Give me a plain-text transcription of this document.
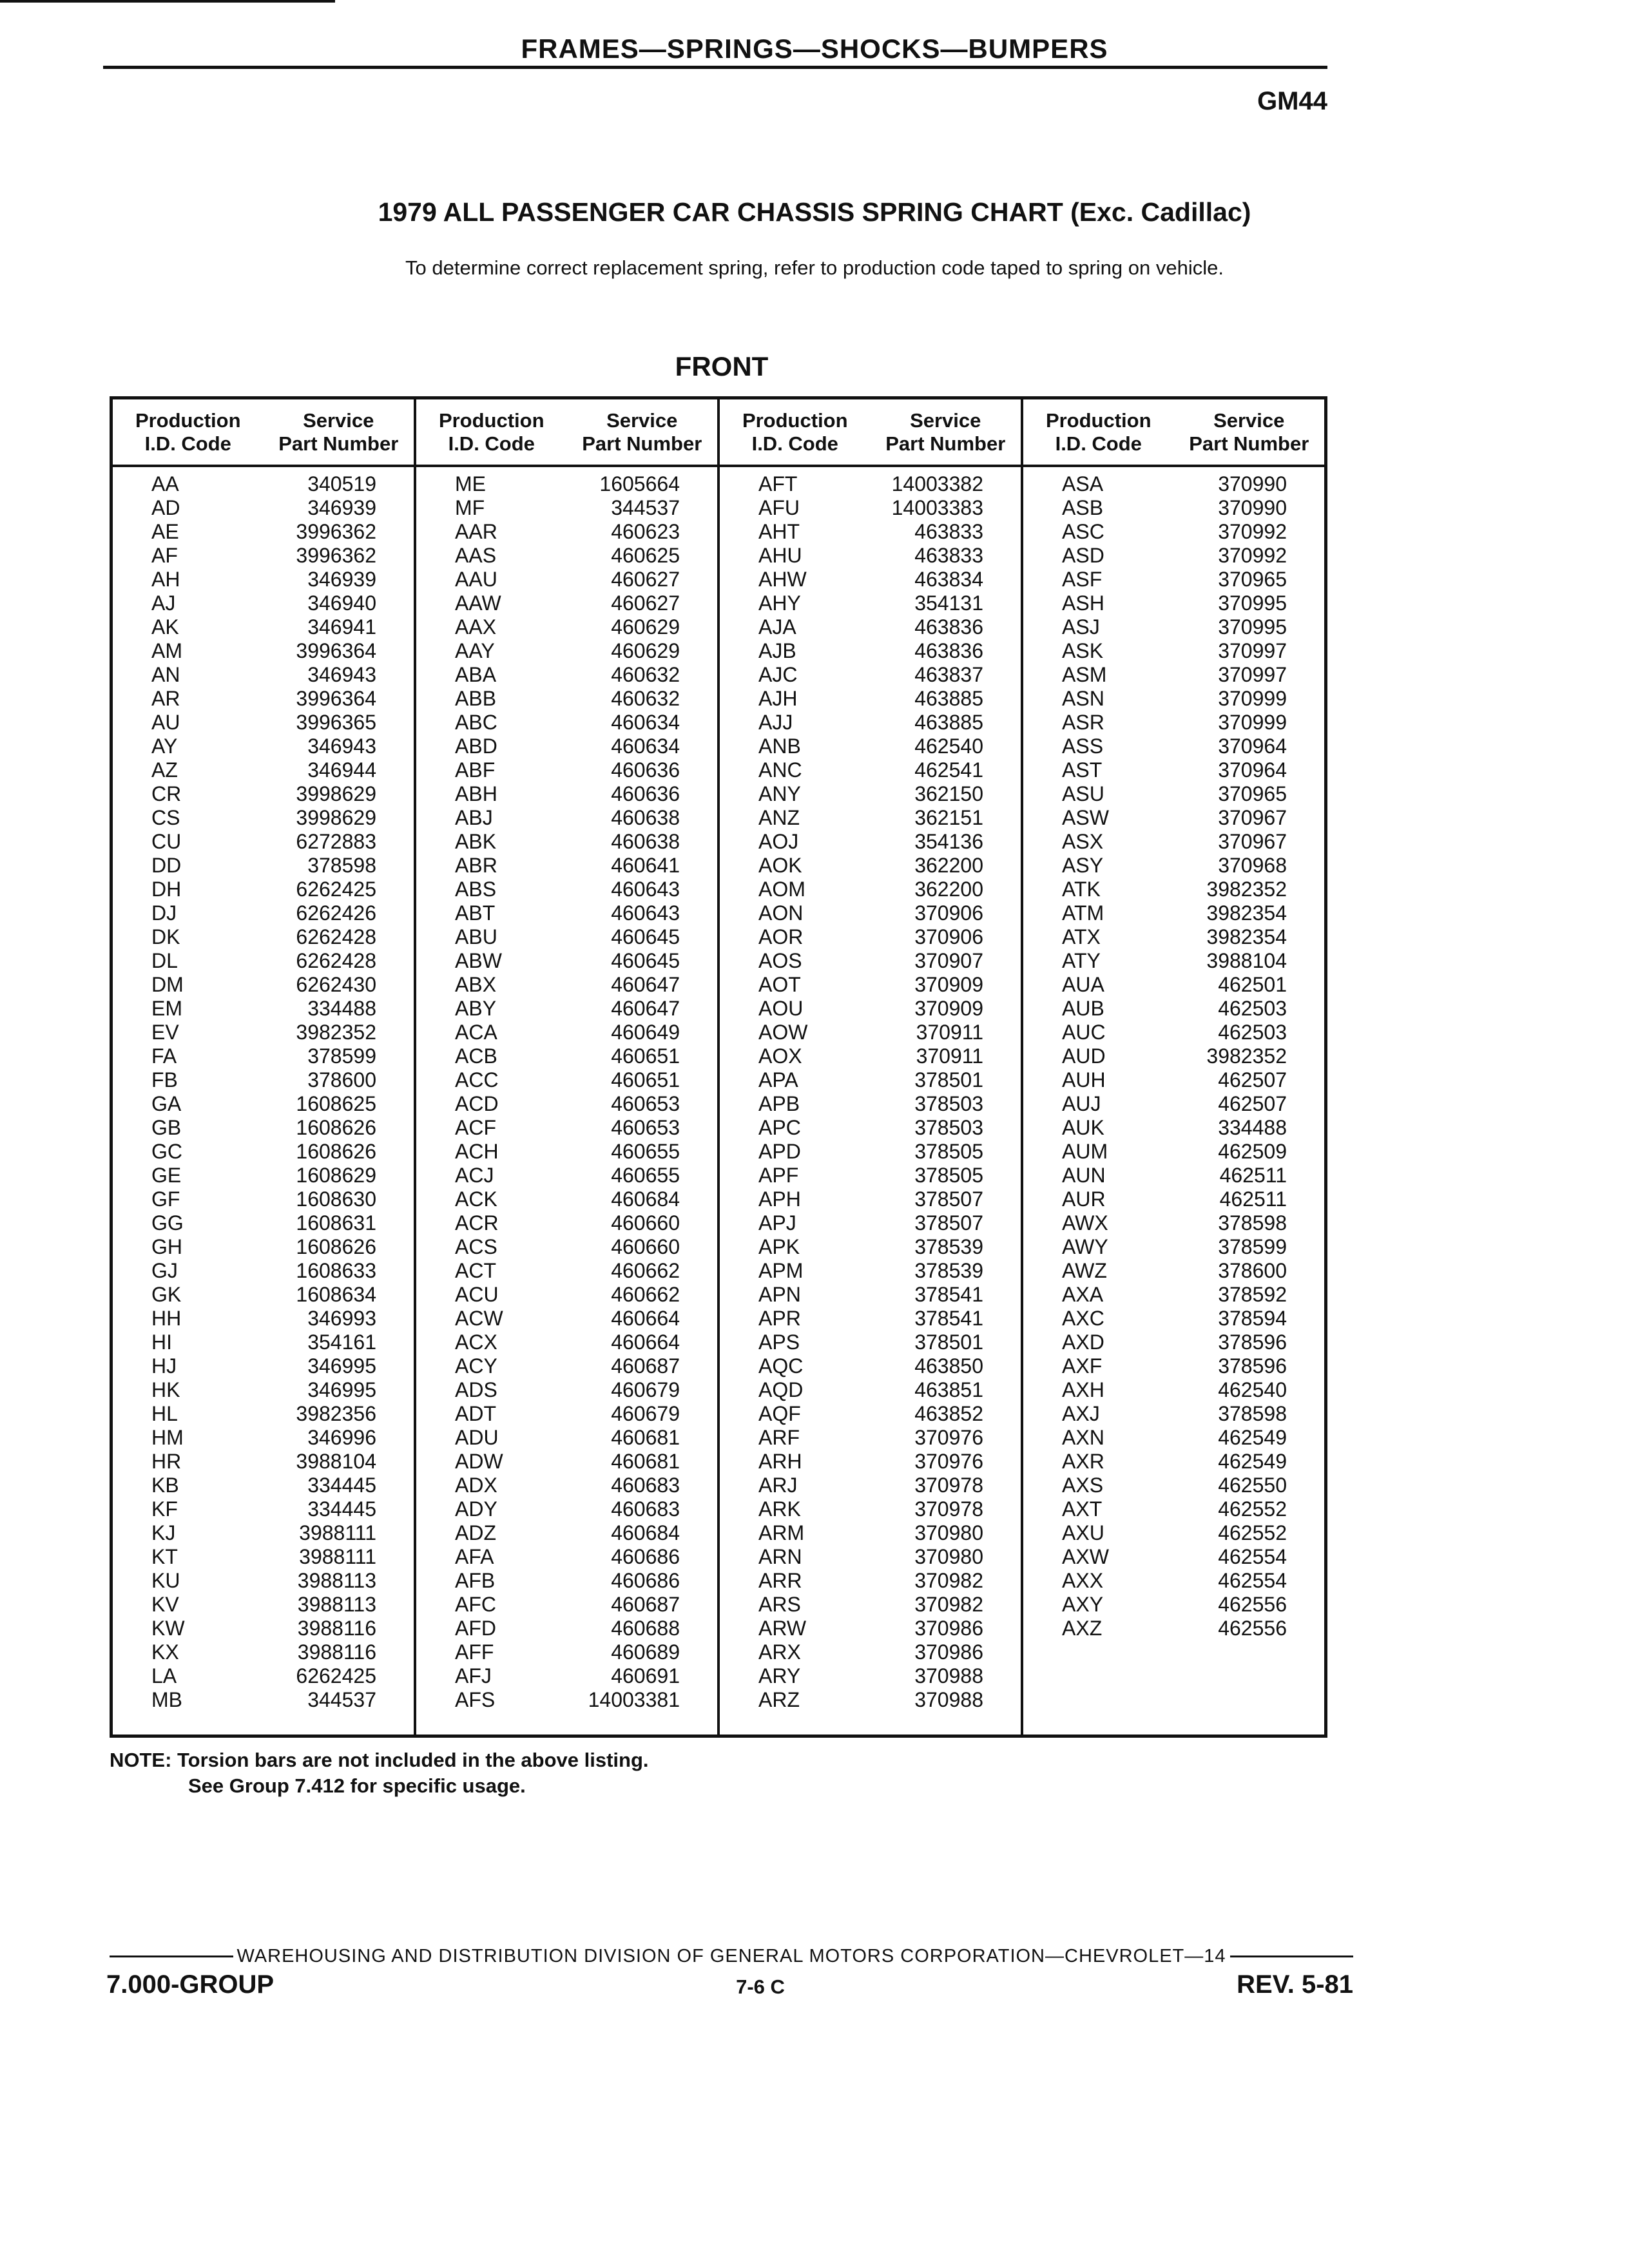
FRAMES—SPRINGS—SHOCKS—BUMPERS
GM44
1979 ALL PASSENGER CAR CHASSIS SPRING CHART (Exc. Cadillac)
To determine correct replacement spring, refer to production code taped to spring on vehicle.
FRONT
Production
I.D. Code
Service
Part Number
AA	340519
AD	346939
AE	3996362
AF	3996362
AH	346939
AJ	346940
AK	346941
AM	3996364
AN	346943
AR	3996364
AU	3996365
AY	346943
AZ	346944
CR	3998629
CS	3998629
CU	6272883
DD	378598
DH	6262425
DJ	6262426
DK	6262428
DL	6262428
DM	6262430
EM	334488
EV	3982352
FA	378599
FB	378600
GA	1608625
GB	1608626
GC	1608626
GE	1608629
GF	1608630
GG	1608631
GH	1608626
GJ	1608633
GK	1608634
HH	346993
HI	354161
HJ	346995
HK	346995
HL	3982356
HM	346996
HR	3988104
KB	334445
KF	334445
KJ	3988111
KT	3988111
KU	3988113
KV	3988113
KW	3988116
KX	3988116
LA	6262425
MB	344537
Production
I.D. Code
Service
Part Number
ME	1605664
MF	344537
AAR	460623
AAS	460625
AAU	460627
AAW	460627
AAX	460629
AAY	460629
ABA	460632
ABB	460632
ABC	460634
ABD	460634
ABF	460636
ABH	460636
ABJ	460638
ABK	460638
ABR	460641
ABS	460643
ABT	460643
ABU	460645
ABW	460645
ABX	460647
ABY	460647
ACA	460649
ACB	460651
ACC	460651
ACD	460653
ACF	460653
ACH	460655
ACJ	460655
ACK	460684
ACR	460660
ACS	460660
ACT	460662
ACU	460662
ACW	460664
ACX	460664
ACY	460687
ADS	460679
ADT	460679
ADU	460681
ADW	460681
ADX	460683
ADY	460683
ADZ	460684
AFA	460686
AFB	460686
AFC	460687
AFD	460688
AFF	460689
AFJ	460691
AFS	14003381
Production
I.D. Code
Service
Part Number
AFT	14003382
AFU	14003383
AHT	463833
AHU	463833
AHW	463834
AHY	354131
AJA	463836
AJB	463836
AJC	463837
AJH	463885
AJJ	463885
ANB	462540
ANC	462541
ANY	362150
ANZ	362151
AOJ	354136
AOK	362200
AOM	362200
AON	370906
AOR	370906
AOS	370907
AOT	370909
AOU	370909
AOW	370911
AOX	370911
APA	378501
APB	378503
APC	378503
APD	378505
APF	378505
APH	378507
APJ	378507
APK	378539
APM	378539
APN	378541
APR	378541
APS	378501
AQC	463850
AQD	463851
AQF	463852
ARF	370976
ARH	370976
ARJ	370978
ARK	370978
ARM	370980
ARN	370980
ARR	370982
ARS	370982
ARW	370986
ARX	370986
ARY	370988
ARZ	370988
Production
I.D. Code
Service
Part Number
ASA	370990
ASB	370990
ASC	370992
ASD	370992
ASF	370965
ASH	370995
ASJ	370995
ASK	370997
ASM	370997
ASN	370999
ASR	370999
ASS	370964
AST	370964
ASU	370965
ASW	370967
ASX	370967
ASY	370968
ATK	3982352
ATM	3982354
ATX	3982354
ATY	3988104
AUA	462501
AUB	462503
AUC	462503
AUD	3982352
AUH	462507
AUJ	462507
AUK	334488
AUM	462509
AUN	462511
AUR	462511
AWX	378598
AWY	378599
AWZ	378600
AXA	378592
AXC	378594
AXD	378596
AXF	378596
AXH	462540
AXJ	378598
AXN	462549
AXR	462549
AXS	462550
AXT	462552
AXU	462552
AXW	462554
AXX	462554
AXY	462556
AXZ	462556
NOTE: Torsion bars are not included in the above listing.
See Group 7.412 for specific usage.
WAREHOUSING AND DISTRIBUTION DIVISION OF GENERAL MOTORS CORPORATION—CHEVROLET—14
7.000-GROUP	7-6 C	REV. 5-81
